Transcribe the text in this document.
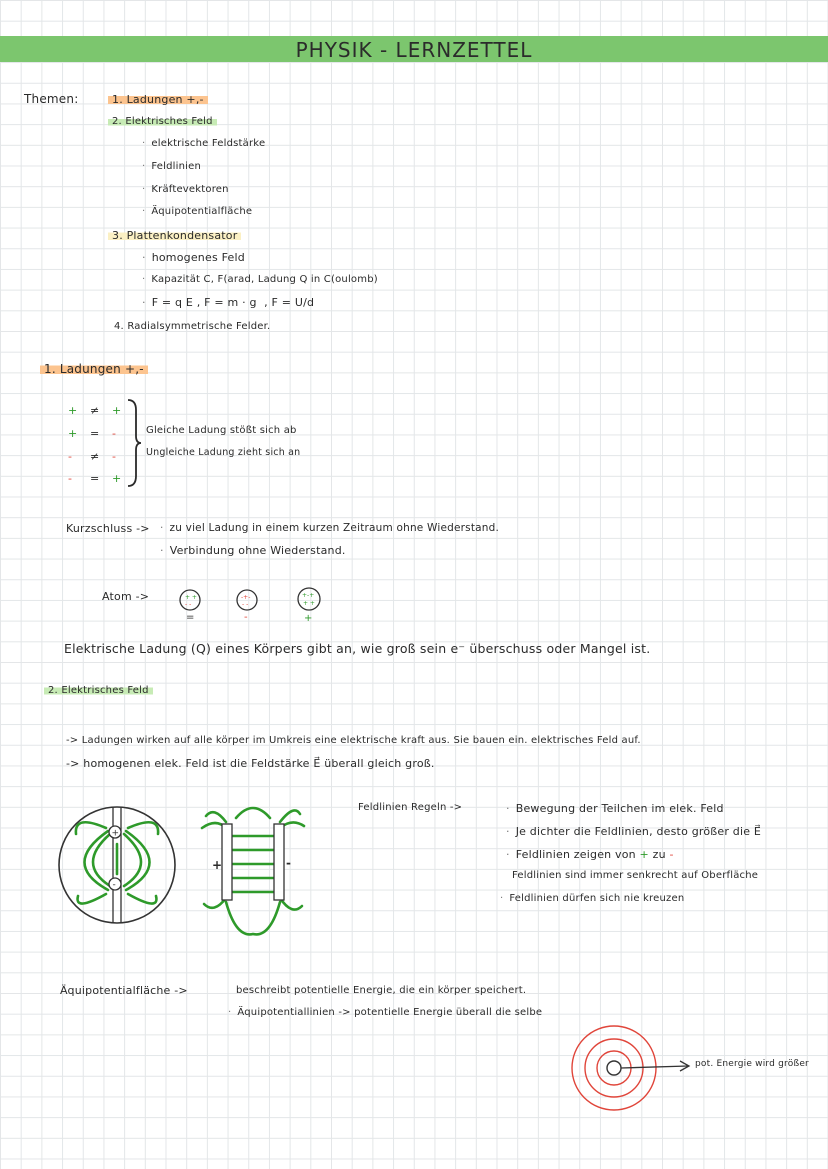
PHYSIK - LERNZETTEL
Themen:	1. Ladungen +,-
2. Elektrisches Feld
· elektrische Feldstärke
· Feldlinien
· Kräftevektoren
· Äquipotentialfläche
3. Plattenkondensator
· homogenes Feld
· Kapazität C, F(arad, Ladung Q in C(oulomb)
· F = q E , F = m · g , F = U/d
4. Radialsymmetrische Felder.
1. Ladungen +,-
+ ≠ +
+ = -
- ≠ -
- = +
Gleiche Ladung stößt sich ab
Ungleiche Ladung zieht sich an
Kurzschluss -> · zu viel Ladung in einem kurzen Zeitraum ohne Wiederstand.
· Verbindung ohne Wiederstand.
Atom ->	+ +
- -
-+-
- -
+-+
+ +
=	-	+
Elektrische Ladung (Q) eines Körpers gibt an, wie groß sein e⁻ überschuss oder Mangel ist.
2. Elektrisches Feld
-> Ladungen wirken auf alle körper im Umkreis eine elektrische kraft aus. Sie bauen ein. elektrisches Feld auf.
-> homogenen elek. Feld ist die Feldstärke E⃗ überall gleich groß.
+
-
+	-
Feldlinien Regeln ->	· Bewegung der Teilchen im elek. Feld
· Je dichter die Feldlinien, desto größer die E⃗
· Feldlinien zeigen von + zu -
Feldlinien sind immer senkrecht auf Oberfläche
· Feldlinien dürfen sich nie kreuzen
Äquipotentialfläche ->	beschreibt potentielle Energie, die ein körper speichert.
· Äquipotentiallinien -> potentielle Energie überall die selbe
pot. Energie wird größer
